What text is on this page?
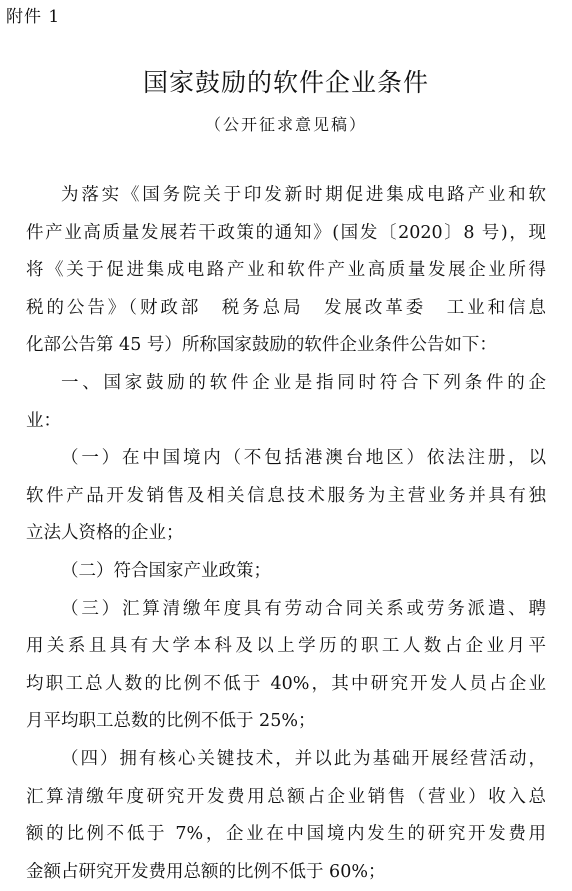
附件 1
国家鼓励的软件企业条件
（公开征求意见稿）
为落实《国务院关于印发新时期促进集成电路产业和软
件产业高质量发展若干政策的通知》(国发〔2020〕8 号)，现
将《关于促进集成电路产业和软件产业高质量发展企业所得
税的公告》（财政部　税务总局　发展改革委　工业和信息
化部公告第 45 号）所称国家鼓励的软件企业条件公告如下：
一、国家鼓励的软件企业是指同时符合下列条件的企
业：
（一）在中国境内（不包括港澳台地区）依法注册，以
软件产品开发销售及相关信息技术服务为主营业务并具有独
立法人资格的企业；
（二）符合国家产业政策；
（三）汇算清缴年度具有劳动合同关系或劳务派遣、聘
用关系且具有大学本科及以上学历的职工人数占企业月平
均职工总人数的比例不低于 40%，其中研究开发人员占企业
月平均职工总数的比例不低于 25%；
（四）拥有核心关键技术，并以此为基础开展经营活动，
汇算清缴年度研究开发费用总额占企业销售（营业）收入总
额的比例不低于 7%，企业在中国境内发生的研究开发费用
金额占研究开发费用总额的比例不低于 60%；
